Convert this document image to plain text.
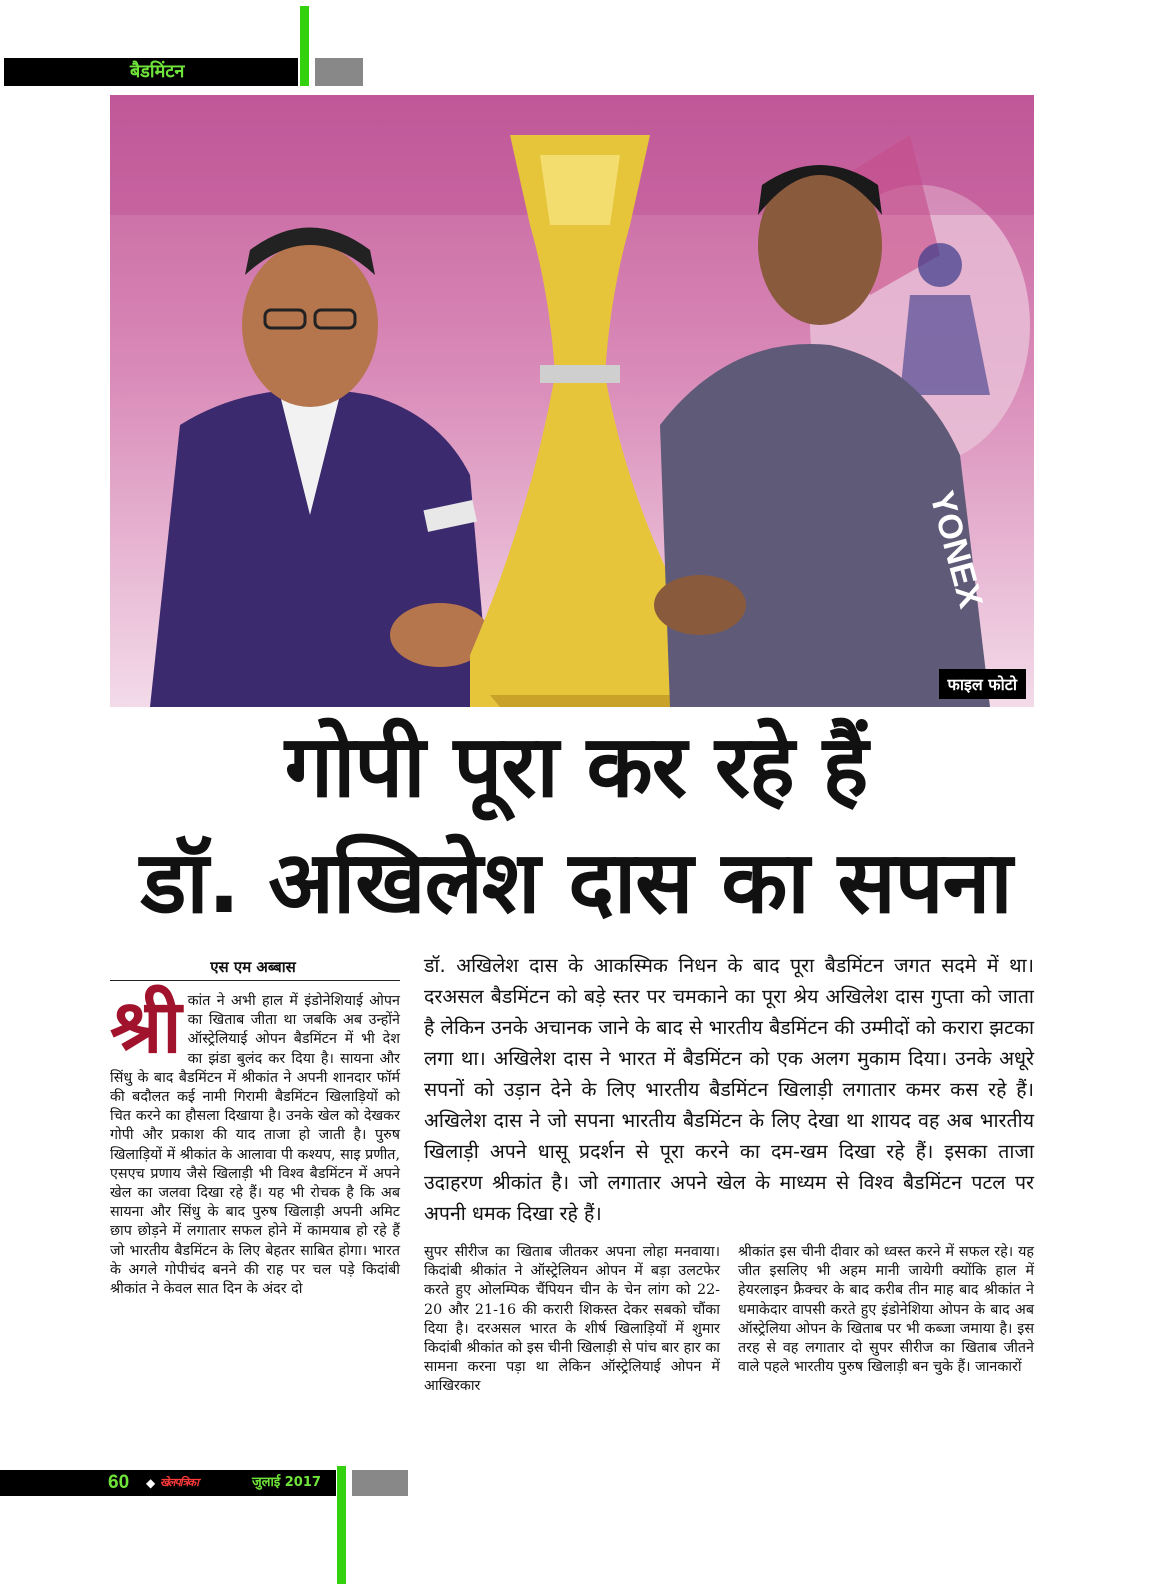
बैडमिंटन
YONEX
फाइल फोटो
गोपी पूरा कर रहे हैं
डॉ. अखिलेश दास का सपना
एस एम अब्बास	डॉ. अखिलेश दास के आकस्मिक निधन के बाद पूरा बैडमिंटन जगत सदमे में था। दरअसल बैडमिंटन को बड़े स्तर पर चमकाने का पूरा श्रेय अखिलेश दास गुप्ता को जाता है लेकिन उनके अचानक जाने के बाद से भारतीय बैडमिंटन की उम्मीदों को करारा झटका लगा था। अखिलेश दास ने भारत में बैडमिंटन को एक अलग मुकाम दिया। उनके अधूरे सपनों को उड़ान देने के लिए भारतीय बैडमिंटन खिलाड़ी लगातार कमर कस रहे हैं। अखिलेश दास ने जो सपना भारतीय बैडमिंटन के लिए देखा था शायद वह अब भारतीय खिलाड़ी अपने धासू प्रदर्शन से पूरा करने का दम-खम दिखा रहे हैं। इसका ताजा उदाहरण श्रीकांत है। जो लगातार अपने खेल के माध्यम से विश्व बैडमिंटन पटल पर अपनी धमक दिखा रहे हैं।
श्री कांत ने अभी हाल में इंडोनेशियाई ओपन का खिताब जीता था जबकि अब उन्होंने ऑस्ट्रेलियाई ओपन बैडमिंटन में भी देश का झंडा बुलंद कर दिया है। सायना और सिंधु के बाद बैडमिंटन में श्रीकांत ने अपनी शानदार फॉर्म की बदौलत कई नामी गिरामी बैडमिंटन खिलाड़ियों को चित करने का हौसला दिखाया है। उनके खेल को देखकर गोपी और प्रकाश की याद ताजा हो जाती है। पुरुष खिलाड़ियों में श्रीकांत के आलावा पी कश्यप, साइ प्रणीत, एसएच प्रणाय जैसे खिलाड़ी भी विश्व बैडमिंटन में अपने खेल का जलवा दिखा रहे हैं। यह भी रोचक है कि अब सायना और सिंधु के बाद पुरुष खिलाड़ी अपनी अमिट छाप छोड़ने में लगातार सफल होने में कामयाब हो रहे हैं जो भारतीय बैडमिंटन के लिए बेहतर साबित होगा। भारत के अगले गोपीचंद बनने की राह पर चल पड़े किदांबी श्रीकांत ने केवल सात दिन के अंदर दो
सुपर सीरीज का खिताब जीतकर अपना लोहा मनवाया। किदांबी श्रीकांत ने ऑस्ट्रेलियन ओपन में बड़ा उलटफेर करते हुए ओलम्पिक चैंपियन चीन के चेन लांग को 22-20 और 21-16 की करारी शिकस्त देकर सबको चौंका दिया है। दरअसल भारत के शीर्ष खिलाड़ियों में शुमार किदांबी श्रीकांत को इस चीनी खिलाड़ी से पांच बार हार का सामना करना पड़ा था लेकिन ऑस्ट्रेलियाई ओपन में आखिरकार
श्रीकांत इस चीनी दीवार को ध्वस्त करने में सफल रहे। यह जीत इसलिए भी अहम मानी जायेगी क्योंकि हाल में हेयरलाइन फ्रैक्चर के बाद करीब तीन माह बाद श्रीकांत ने धमाकेदार वापसी करते हुए इंडोनेशिया ओपन के बाद अब ऑस्ट्रेलिया ओपन के खिताब पर भी कब्जा जमाया है। इस तरह से वह लगातार दो सुपर सीरीज का खिताब जीतने वाले पहले भारतीय पुरुष खिलाड़ी बन चुके हैं। जानकारों
60 ◆ खेलपत्रिका	जुलाई 2017
